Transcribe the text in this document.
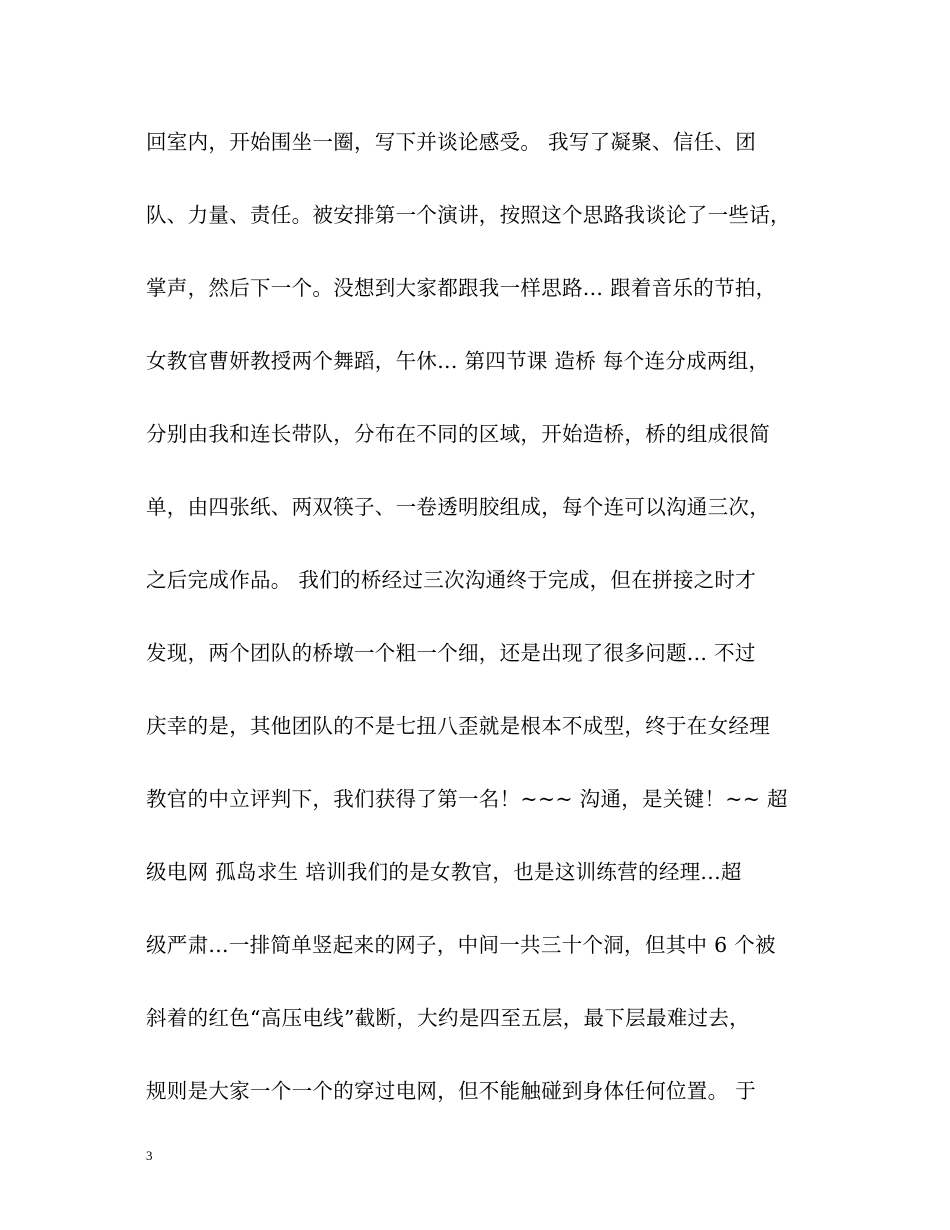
回室内，开始围坐一圈，写下并谈论感受。 我写了凝聚、信任、团
队、力量、责任。被安排第一个演讲，按照这个思路我谈论了一些话，
掌声，然后下一个。没想到大家都跟我一样思路... 跟着音乐的节拍，
女教官曹妍教授两个舞蹈，午休... 第四节课 造桥 每个连分成两组，
分别由我和连长带队，分布在不同的区域，开始造桥，桥的组成很简
单，由四张纸、两双筷子、一卷透明胶组成，每个连可以沟通三次，
之后完成作品。 我们的桥经过三次沟通终于完成，但在拼接之时才
发现，两个团队的桥墩一个粗一个细，还是出现了很多问题... 不过
庆幸的是，其他团队的不是七扭八歪就是根本不成型，终于在女经理
教官的中立评判下，我们获得了第一名！~~~ 沟通，是关键！~~ 超
级电网 孤岛求生 培训我们的是女教官，也是这训练营的经理...超
级严肃...一排简单竖起来的网子，中间一共三十个洞，但其中 6 个被
斜着的红色“高压电线”截断，大约是四至五层，最下层最难过去，
规则是大家一个一个的穿过电网，但不能触碰到身体任何位置。 于
3
